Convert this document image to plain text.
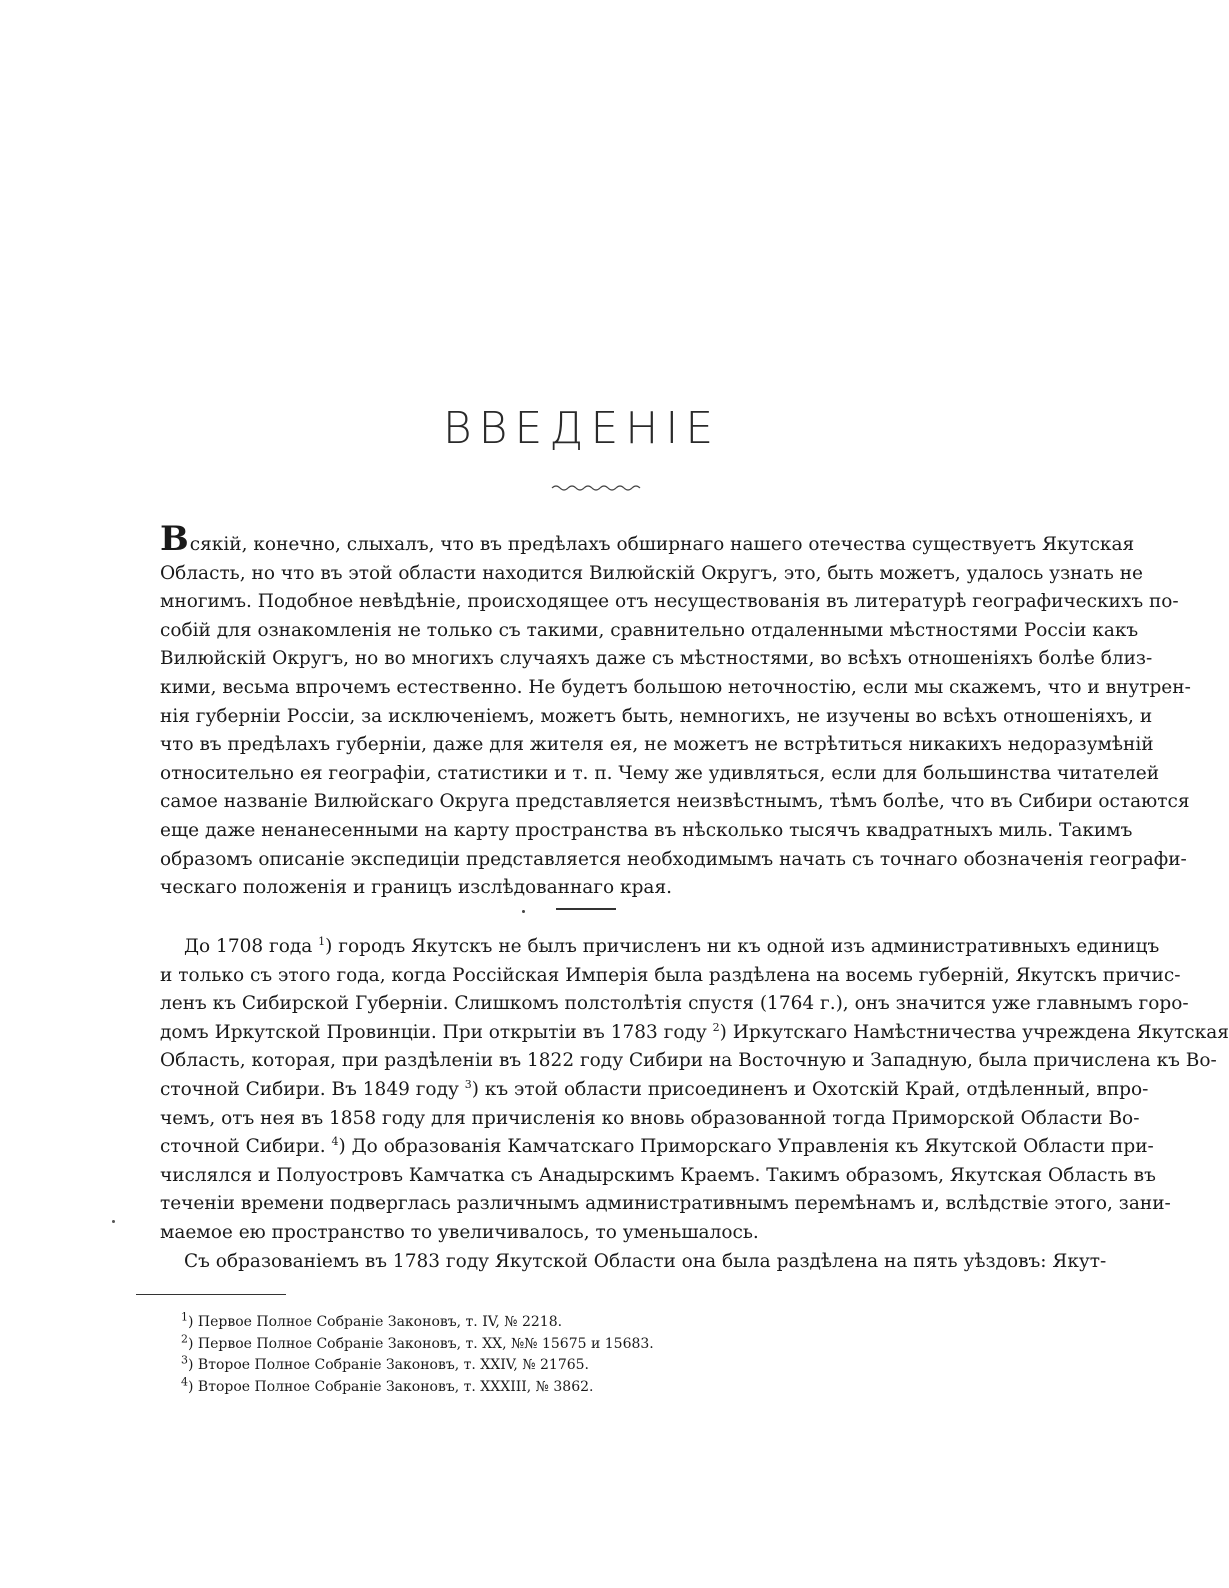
ВВЕДЕНІЕ
Всякій, конечно, слыхалъ, что въ предѣлахъ обширнаго нашего отечества существуетъ Якутская
Область, но что въ этой области находится Вилюйскій Округъ, это, быть можетъ, удалось узнать не
многимъ. Подобное невѣдѣніе, происходящее отъ несуществованія въ литературѣ географическихъ по-
собій для ознакомленія не только съ такими, сравнительно отдаленными мѣстностями Россіи какъ
Вилюйскій Округъ, но во многихъ случаяхъ даже съ мѣстностями, во всѣхъ отношеніяхъ болѣе близ-
кими, весьма впрочемъ естественно. Не будетъ большою неточностію, если мы скажемъ, что и внутрен-
нія губерніи Россіи, за исключеніемъ, можетъ быть, немногихъ, не изучены во всѣхъ отношеніяхъ, и
что въ предѣлахъ губерніи, даже для жителя ея, не можетъ не встрѣтиться никакихъ недоразумѣній
относительно ея географіи, статистики и т. п. Чему же удивляться, если для большинства читателей
самое названіе Вилюйскаго Округа представляется неизвѣстнымъ, тѣмъ болѣе, что въ Сибири остаются
еще даже ненанесенными на карту пространства въ нѣсколько тысячъ квадратныхъ миль. Такимъ
образомъ описаніе экспедиціи представляется необходимымъ начать съ точнаго обозначенія географи-
ческаго положенія и границъ изслѣдованнаго края.
До 1708 года $^1$) городъ Якутскъ не былъ причисленъ ни къ одной изъ административныхъ единицъ
и только съ этого года, когда Россійская Имперія была раздѣлена на восемь губерній, Якутскъ причис-
ленъ къ Сибирской Губерніи. Слишкомъ полстолѣтія спустя (1764 г.), онъ значится уже главнымъ горо-
домъ Иркутской Провинціи. При открытіи въ 1783 году $^2$) Иркутскаго Намѣстничества учреждена Якутская
Область, которая, при раздѣленіи въ 1822 году Сибири на Восточную и Западную, была причислена къ Во-
сточной Сибири. Въ 1849 году $^3$) къ этой области присоединенъ и Охотскій Край, отдѣленный, впро-
чемъ, отъ нея въ 1858 году для причисленія ко вновь образованной тогда Приморской Области Во-
сточной Сибири. $^4$) До образованія Камчатскаго Приморскаго Управленія къ Якутской Области при-
числялся и Полуостровъ Камчатка съ Анадырскимъ Краемъ. Такимъ образомъ, Якутская Область въ
теченіи времени подверглась различнымъ административнымъ перемѣнамъ и, вслѣдствіе этого, зани-
маемое ею пространство то увеличивалось, то уменьшалось.
Съ образованіемъ въ 1783 году Якутской Области она была раздѣлена на пять уѣздовъ: Якут-
$^1$) Первое Полное Собраніе Законовъ, т. IV, № 2218.
$^2$) Первое Полное Собраніе Законовъ, т. XX, №№ 15675 и 15683.
$^3$) Второе Полное Собраніе Законовъ, т. XXIV, № 21765.
$^4$) Второе Полное Собраніе Законовъ, т. XXXIII, № 3862.
